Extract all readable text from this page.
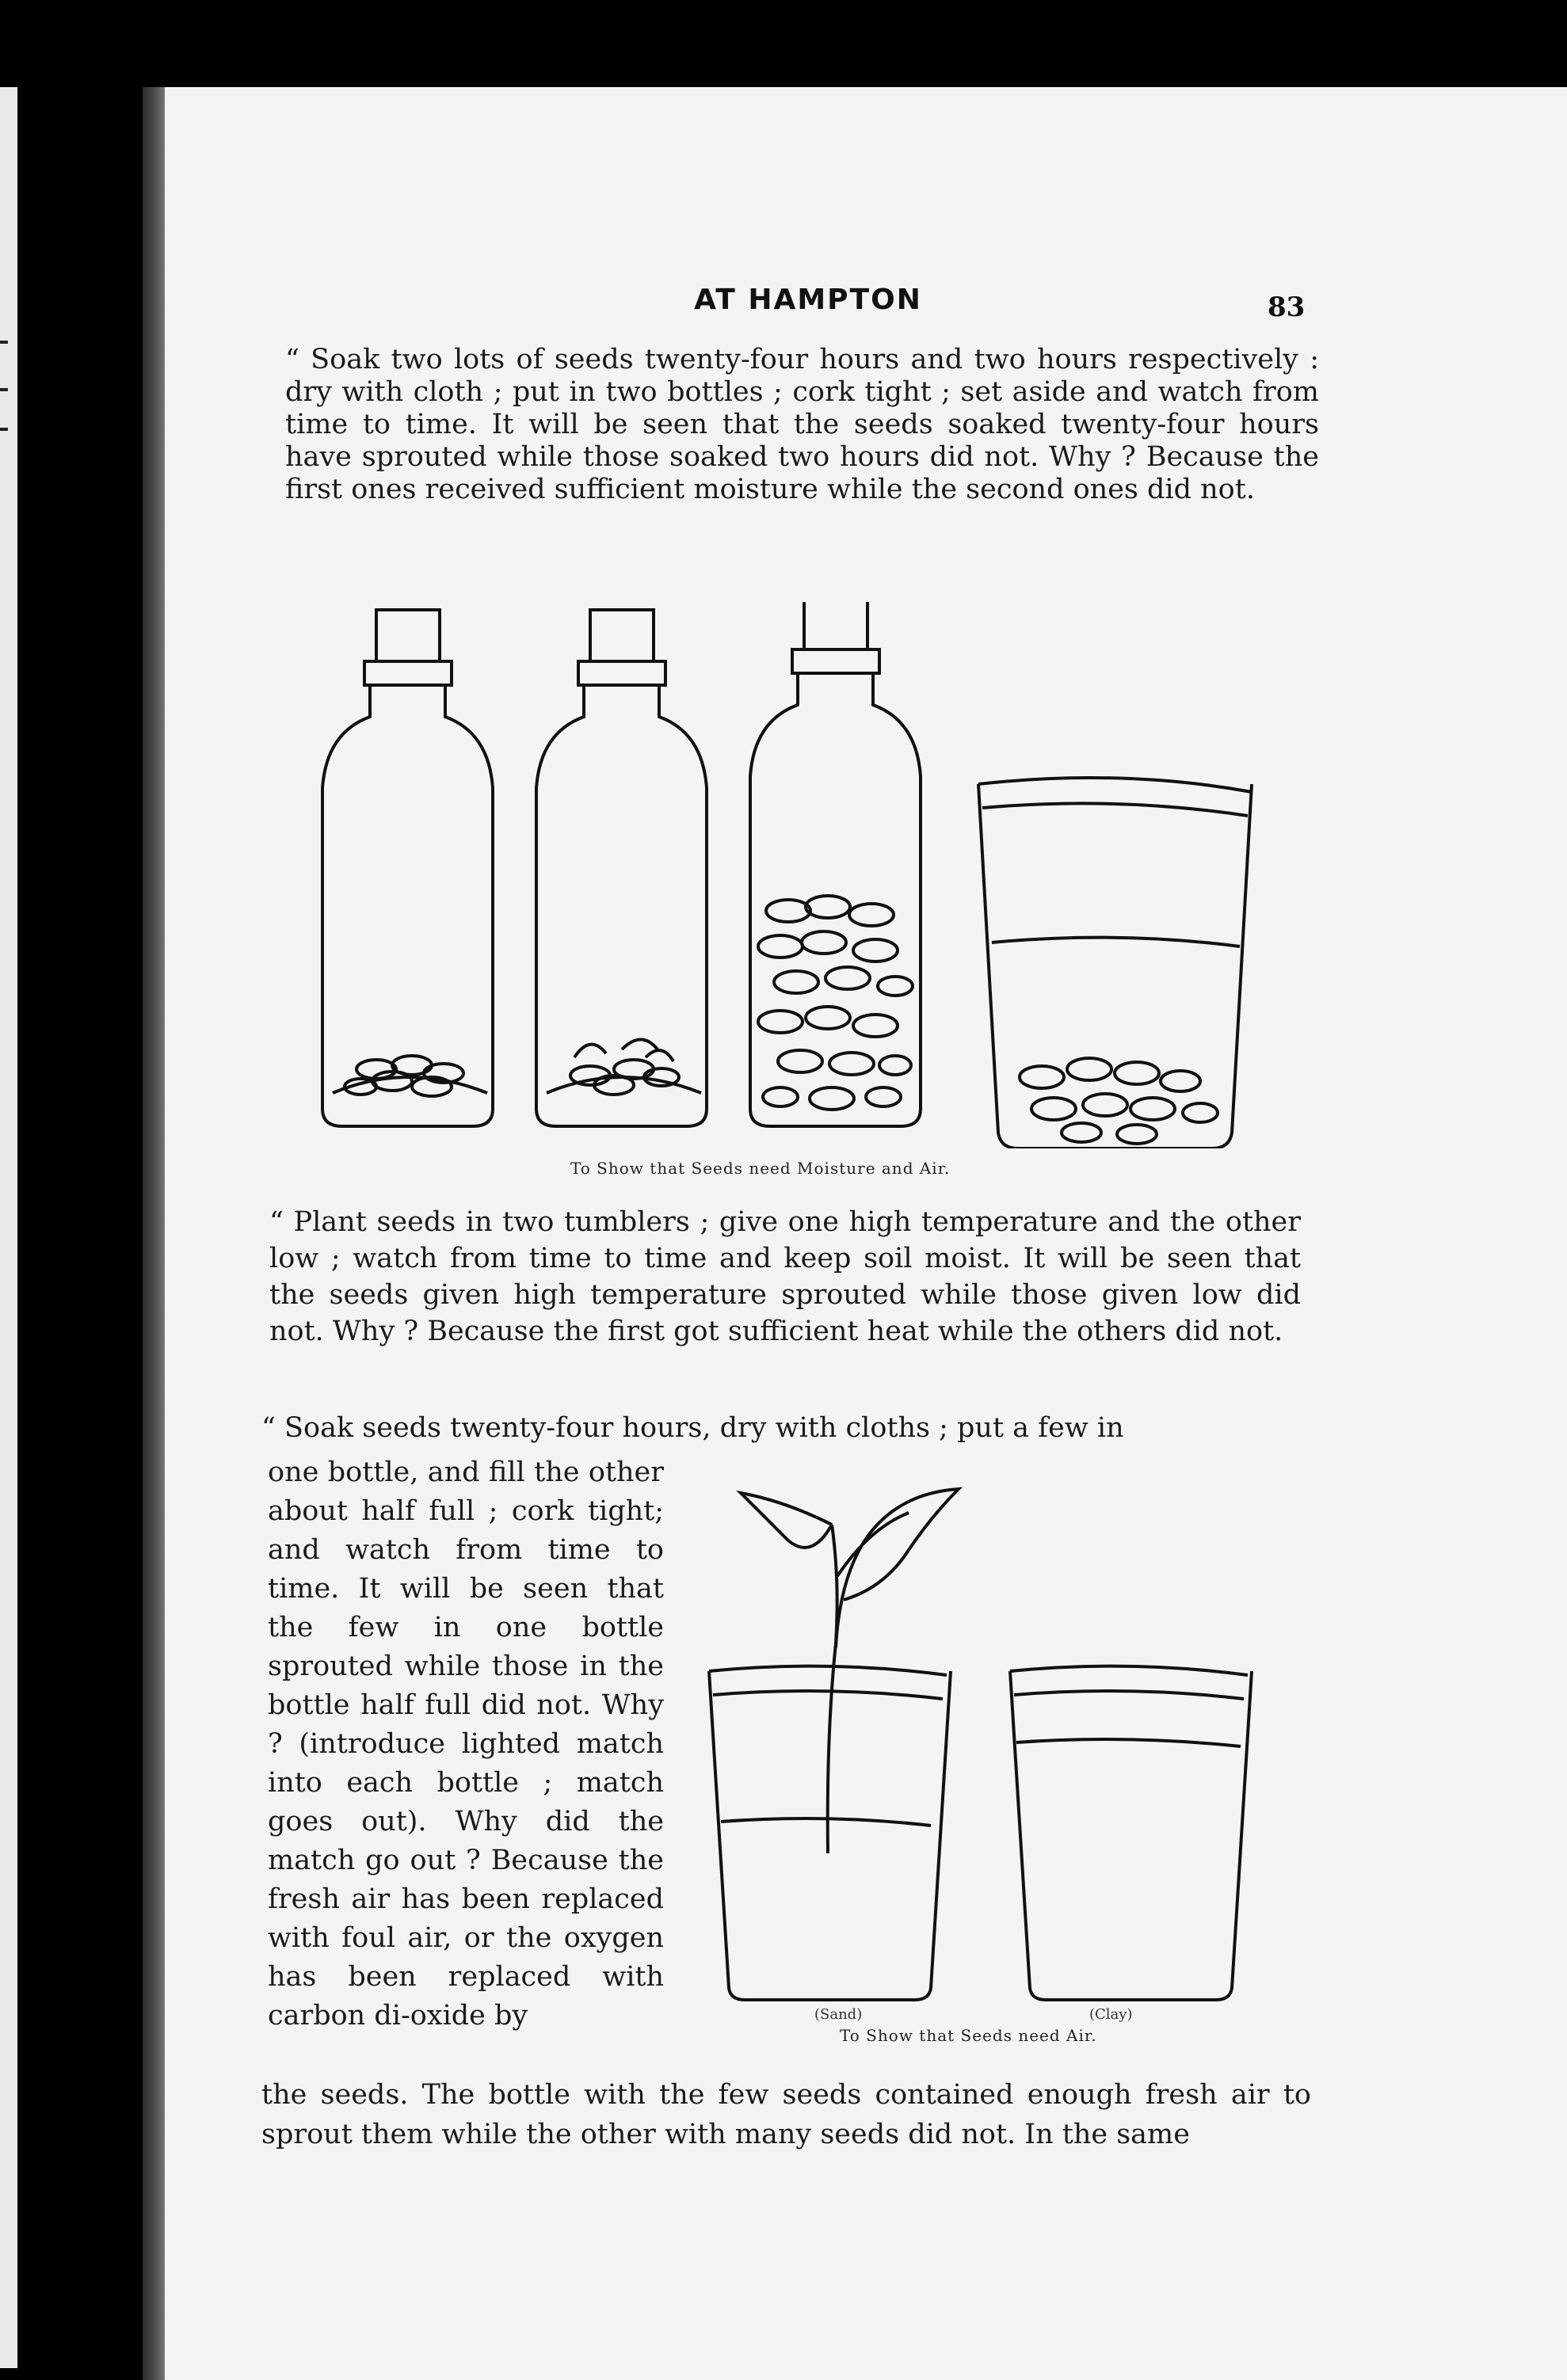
AT HAMPTON	83

“ Soak two lots of seeds twenty-four hours and two hours respectively : dry with cloth ; put in two bottles ; cork tight ; set aside and watch from time to time. It will be seen that the seeds soaked twenty-four hours have sprouted while those soaked two hours did not. Why ? Because the first ones received sufficient moisture while the second ones did not.

To Show that Seeds need Moisture and Air.

“ Plant seeds in two tumblers ; give one high temperature and the other low ; watch from time to time and keep soil moist. It will be seen that the seeds given high temperature sprouted while those given low did not. Why ? Because the first got sufficient heat while the others did not.

“ Soak seeds twenty-four hours, dry with cloths ; put a few in

one bottle, and fill the other about half full ; cork tight; and watch from time to time. It will be seen that the few in one bottle sprouted while those in the bottle half full did not. Why ? (introduce lighted match into each bottle ; match goes out). Why did the match go out ? Because the fresh air has been replaced with foul air, or the oxygen has been replaced with carbon di-oxide by	(Sand)	(Clay)
To Show that Seeds need Air.

the seeds. The bottle with the few seeds contained enough fresh air to sprout them while the other with many seeds did not. In the same
